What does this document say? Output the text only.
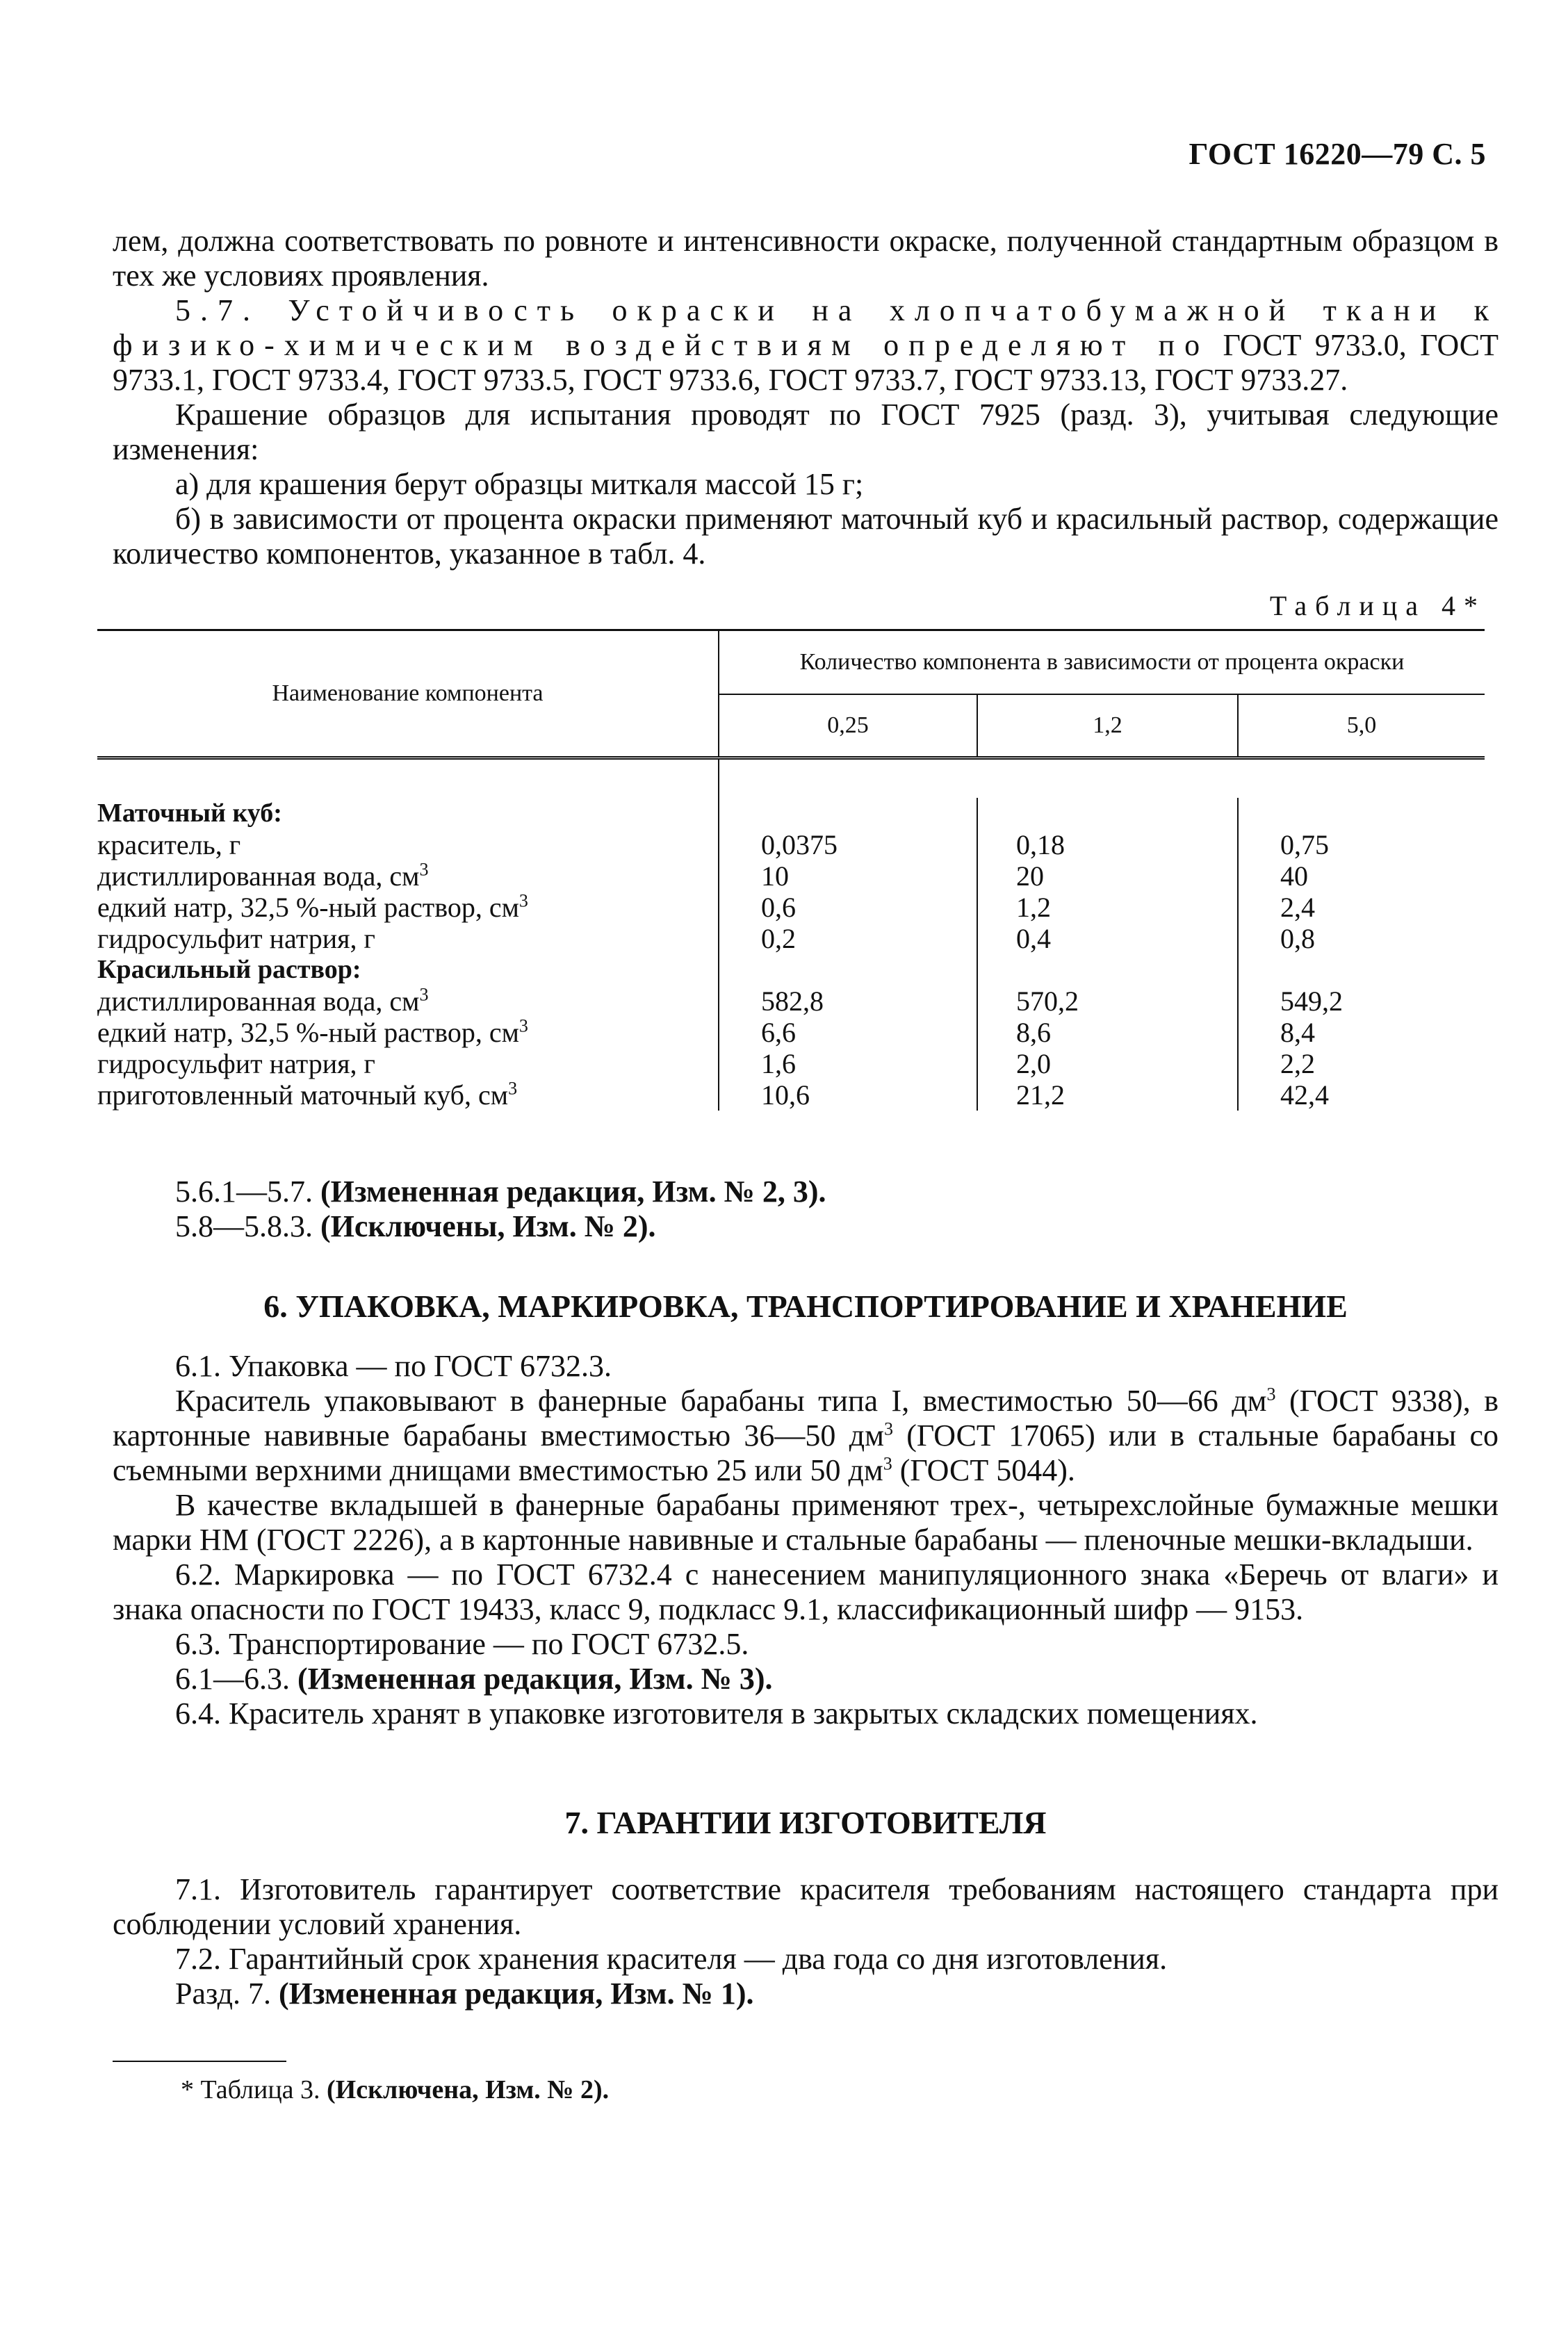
ГОСТ 16220—79 С. 5

лем, должна соответствовать по ровноте и интенсивности окраске, полученной стандартным образцом в тех же условиях проявления.

5.7. Устойчивость окраски на хлопчатобумажной ткани к физико-химическим воздействиям определяют по ГОСТ 9733.0, ГОСТ 9733.1, ГОСТ 9733.4, ГОСТ 9733.5, ГОСТ 9733.6, ГОСТ 9733.7, ГОСТ 9733.13, ГОСТ 9733.27.

Крашение образцов для испытания проводят по ГОСТ 7925 (разд. 3), учитывая следующие изменения:

а) для крашения берут образцы миткаля массой 15 г;

б) в зависимости от процента окраски применяют маточный куб и красильный раствор, содержащие количество компонентов, указанное в табл. 4.

Таблица 4*
Наименование компонента	Количество компонента в зависимости от процента окраски		
	0,25	1,2	5,0

Маточный куб:			
краситель, г	0,0375	0,18	0,75
дистиллированная вода, $см^3$	10	20	40
едкий натр, 32,5 %-ный раствор, $см^3$	0,6	1,2	2,4
гидросульфит натрия, г	0,2	0,4	0,8
Красильный раствор:			
дистиллированная вода, $см^3$	582,8	570,2	549,2
едкий натр, 32,5 %-ный раствор, $см^3$	6,6	8,6	8,4
гидросульфит натрия, г	1,6	2,0	2,2
приготовленный маточный куб, $см^3$	10,6	21,2	42,4

5.6.1—5.7. (Измененная редакция, Изм. № 2, 3).

5.8—5.8.3. (Исключены, Изм. № 2).

6. УПАКОВКА, МАРКИРОВКА, ТРАНСПОРТИРОВАНИЕ И ХРАНЕНИЕ

6.1. Упаковка — по ГОСТ 6732.3.

Краситель упаковывают в фанерные барабаны типа I, вместимостью 50—66 $дм^3$ (ГОСТ 9338), в картонные навивные барабаны вместимостью 36—50 $дм^3$ (ГОСТ 17065) или в стальные барабаны со съемными верхними днищами вместимостью 25 или 50 $дм^3$ (ГОСТ 5044).

В качестве вкладышей в фанерные барабаны применяют трех-, четырехслойные бумажные мешки марки НМ (ГОСТ 2226), а в картонные навивные и стальные барабаны — пленочные мешки-вкладыши.

6.2. Маркировка — по ГОСТ 6732.4 с нанесением манипуляционного знака «Беречь от влаги» и знака опасности по ГОСТ 19433, класс 9, подкласс 9.1, классификационный шифр — 9153.

6.3. Транспортирование — по ГОСТ 6732.5.

6.1—6.3. (Измененная редакция, Изм. № 3).

6.4. Краситель хранят в упаковке изготовителя в закрытых складских помещениях.

7. ГАРАНТИИ ИЗГОТОВИТЕЛЯ

7.1. Изготовитель гарантирует соответствие красителя требованиям настоящего стандарта при соблюдении условий хранения.

7.2. Гарантийный срок хранения красителя — два года со дня изготовления.

Разд. 7. (Измененная редакция, Изм. № 1).

* Таблица 3. (Исключена, Изм. № 2).
